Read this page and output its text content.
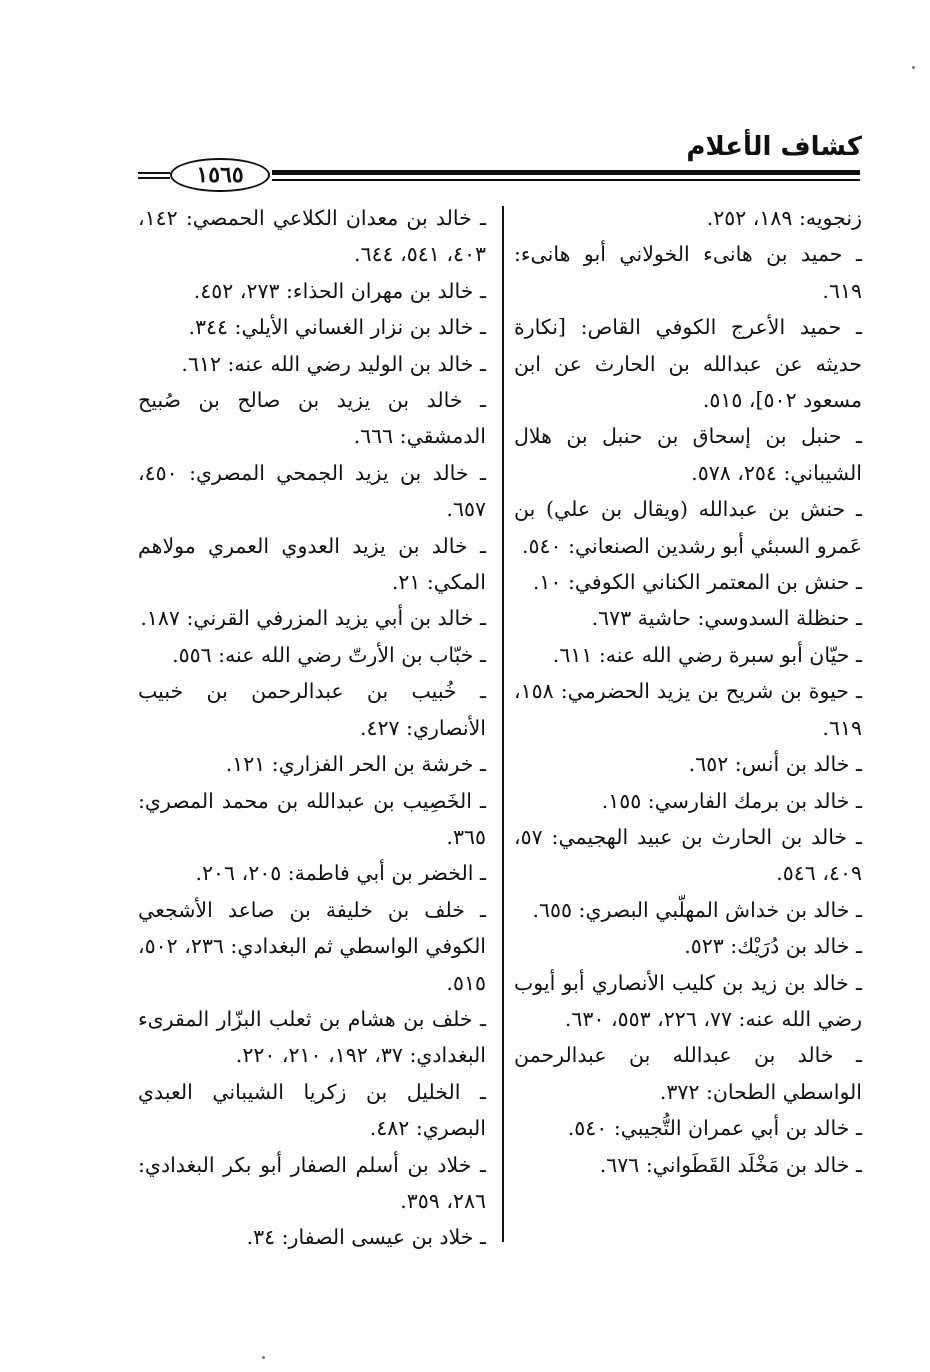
كشاف الأعلام
١٥٦٥

زنجويه: ١٨٩، ٢٥٢.

ـ حميد بن هانىء الخولاني أبو هانىء: ٦١٩.

ـ حميد الأعرج الكوفي القاص: [نكارة حديثه عن عبدالله بن الحارث عن ابن مسعود ٥٠٢]، ٥١٥.

ـ حنبل بن إسحاق بن حنبل بن هلال الشيباني: ٢٥٤، ٥٧٨.

ـ حنش بن عبدالله (ويقال بن علي) بن عَمرو السبئي أبو رشدين الصنعاني: ٥٤٠.

ـ حنش بن المعتمر الكناني الكوفي: ١٠.

ـ حنظلة السدوسي: حاشية ٦٧٣.

ـ حيّان أبو سبرة رضي الله عنه: ٦١١.

ـ حيوة بن شريح بن يزيد الحضرمي: ١٥٨، ٦١٩.

ـ خالد بن أنس: ٦٥٢.

ـ خالد بن برمك الفارسي: ١٥٥.

ـ خالد بن الحارث بن عبيد الهجيمي: ٥٧، ٤٠٩، ٥٤٦.

ـ خالد بن خداش المهلّبي البصري: ٦٥٥.

ـ خالد بن دُرَيْك: ٥٢٣.

ـ خالد بن زيد بن كليب الأنصاري أبو أيوب رضي الله عنه: ٧٧، ٢٢٦، ٥٥٣، ٦٣٠.

ـ خالد بن عبدالله بن عبدالرحمن الواسطي الطحان: ٣٧٢.

ـ خالد بن أبي عمران التُّجيبي: ٥٤٠.

ـ خالد بن مَخْلَد القَطَواني: ٦٧٦.

ـ خالد بن معدان الكلاعي الحمصي: ١٤٢، ٤٠٣، ٥٤١، ٦٤٤.

ـ خالد بن مهران الحذاء: ٢٧٣، ٤٥٢.

ـ خالد بن نزار الغساني الأيلي: ٣٤٤.

ـ خالد بن الوليد رضي الله عنه: ٦١٢.

ـ خالد بن يزيد بن صالح بن صُبيح الدمشقي: ٦٦٦.

ـ خالد بن يزيد الجمحي المصري: ٤٥٠، ٦٥٧.

ـ خالد بن يزيد العدوي العمري مولاهم المكي: ٢١.

ـ خالد بن أبي يزيد المزرفي القرني: ١٨٧.

ـ خبّاب بن الأرتّ رضي الله عنه: ٥٥٦.

ـ خُبيب بن عبدالرحمن بن خبيب الأنصاري: ٤٢٧.

ـ خرشة بن الحر الفزاري: ١٢١.

ـ الخَصِيب بن عبدالله بن محمد المصري: ٣٦٥.

ـ الخضر بن أبي فاطمة: ٢٠٥، ٢٠٦.

ـ خلف بن خليفة بن صاعد الأشجعي الكوفي الواسطي ثم البغدادي: ٢٣٦، ٥٠٢، ٥١٥.

ـ خلف بن هشام بن ثعلب البزّار المقرىء البغدادي: ٣٧، ١٩٢، ٢١٠، ٢٢٠.

ـ الخليل بن زكريا الشيباني العبدي البصري: ٤٨٢.

ـ خلاد بن أسلم الصفار أبو بكر البغدادي: ٢٨٦، ٣٥٩.

ـ خلاد بن عيسى الصفار: ٣٤.
